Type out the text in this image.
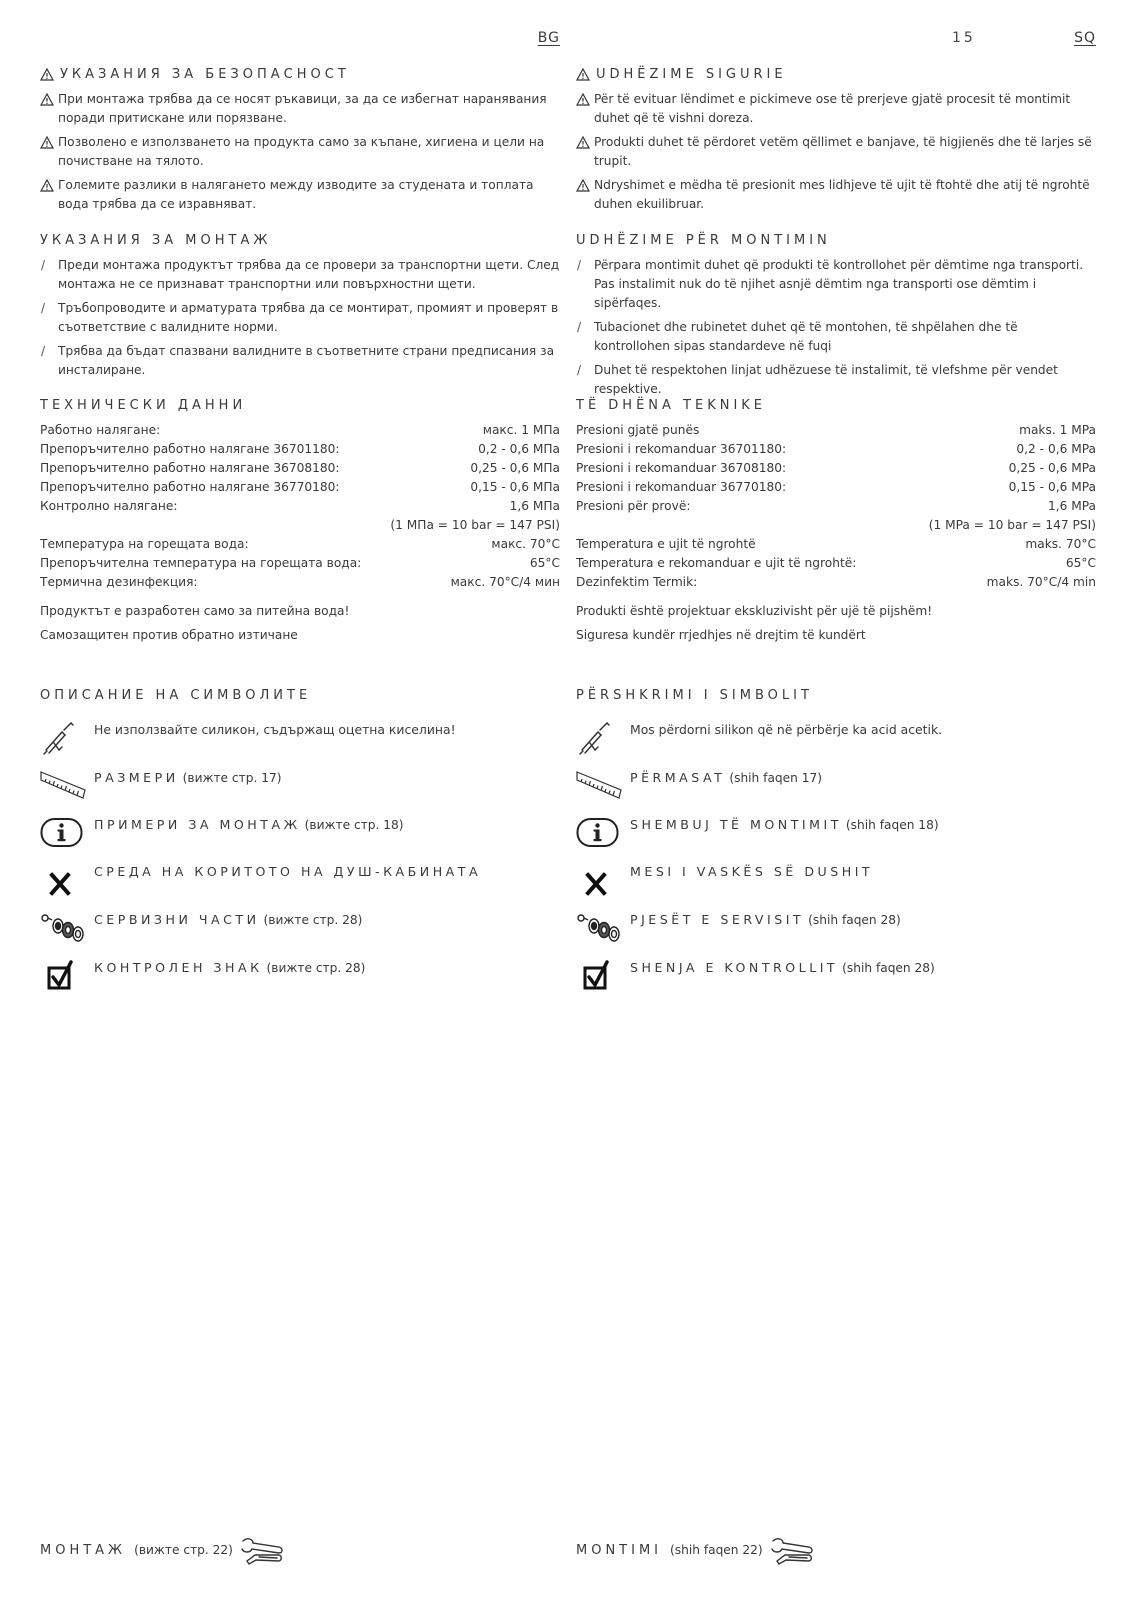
15
BG
УКАЗАНИЯ ЗА БЕЗОПАСНОСТ
При монтажа трябва да се носят ръкавици, за да се избегнат наранявания поради притискане или порязване.
Позволено е използването на продукта само за къпане, хигиена и цели на почистване на тялото.
Големите разлики в налягането между изводите за студената и топлата вода трябва да се изравняват.
УКАЗАНИЯ ЗА МОНТАЖ
/ Преди монтажа продуктът трябва да се провери за транспортни щети. След монтажа не се признават транспортни или повърхностни щети.
/ Тръбопроводите и арматурата трябва да се монтират, промият и проверят в съответствие с валидните норми.
/ Трябва да бъдат спазвани валидните в съответните страни предписания за инсталиране.
ТЕХНИЧЕСКИ ДАННИ
Работно налягане:	макс. 1 МПа
Препоръчително работно налягане 36701180:	0,2 - 0,6 МПа
Препоръчително работно налягане 36708180:	0,25 - 0,6 МПа
Препоръчително работно налягане 36770180:	0,15 - 0,6 МПа
Контролно налягане:	1,6 МПа
(1 МПа = 10 bar = 147 PSI)
Температура на горещата вода:	макс. 70°C
Препоръчителна температура на горещата вода:	65°C
Термична дезинфекция:	макс. 70°C/4 мин

Продуктът е разработен само за питейна вода!

Самозащитен против обратно изтичане

ОПИСАНИЕ НА СИМВОЛИТЕ
Не използвайте силикон, съдържащ оцетна киселина!
РАЗМЕРИ (вижте стр. 17)
ПРИМЕРИ ЗА МОНТАЖ (вижте стр. 18)
СРЕДА НА КОРИТОТО НА ДУШ-КАБИНАТА
СЕРВИЗНИ ЧАСТИ (вижте стр. 28)
КОНТРОЛЕН ЗНАК (вижте стр. 28)
МОНТАЖ (вижте стр. 22)
SQ
UDHËZIME SIGURIE
Për të evituar lëndimet e pickimeve ose të prerjeve gjatë procesit të montimit duhet që të vishni doreza.
Produkti duhet të përdoret vetëm qëllimet e banjave, të higjienës dhe të larjes së trupit.
Ndryshimet e mëdha të presionit mes lidhjeve të ujit të ftohtë dhe atij të ngrohtë duhen ekuilibruar.
UDHËZIME PËR MONTIMIN
/ Përpara montimit duhet që produkti të kontrollohet për dëmtime nga transporti. Pas instalimit nuk do të njihet asnjë dëmtim nga transporti ose dëmtim i sipërfaqes.
/ Tubacionet dhe rubinetet duhet që të montohen, të shpëlahen dhe të kontrollohen sipas standardeve në fuqi
/ Duhet të respektohen linjat udhëzuese të instalimit, të vlefshme për vendet respektive.
TË DHËNA TEKNIKE
Presioni gjatë punës	maks. 1 MPa
Presioni i rekomanduar 36701180:	0,2 - 0,6 MPa
Presioni i rekomanduar 36708180:	0,25 - 0,6 MPa
Presioni i rekomanduar 36770180:	0,15 - 0,6 MPa
Presioni për provë:	1,6 MPa
(1 MPa = 10 bar = 147 PSI)
Temperatura e ujit të ngrohtë	maks. 70°C
Temperatura e rekomanduar e ujit të ngrohtë:	65°C
Dezinfektim Termik:	maks. 70°C/4 min

Produkti është projektuar ekskluzivisht për ujë të pijshëm!

Siguresa kundër rrjedhjes në drejtim të kundërt

PËRSHKRIMI I SIMBOLIT
Mos përdorni silikon që në përbërje ka acid acetik.
PËRMASAT (shih faqen 17)
SHEMBUJ TË MONTIMIT (shih faqen 18)
MESI I VASKËS SË DUSHIT
PJESËT E SERVISIT (shih faqen 28)
SHENJA E KONTROLLIT (shih faqen 28)
MONTIMI (shih faqen 22)
